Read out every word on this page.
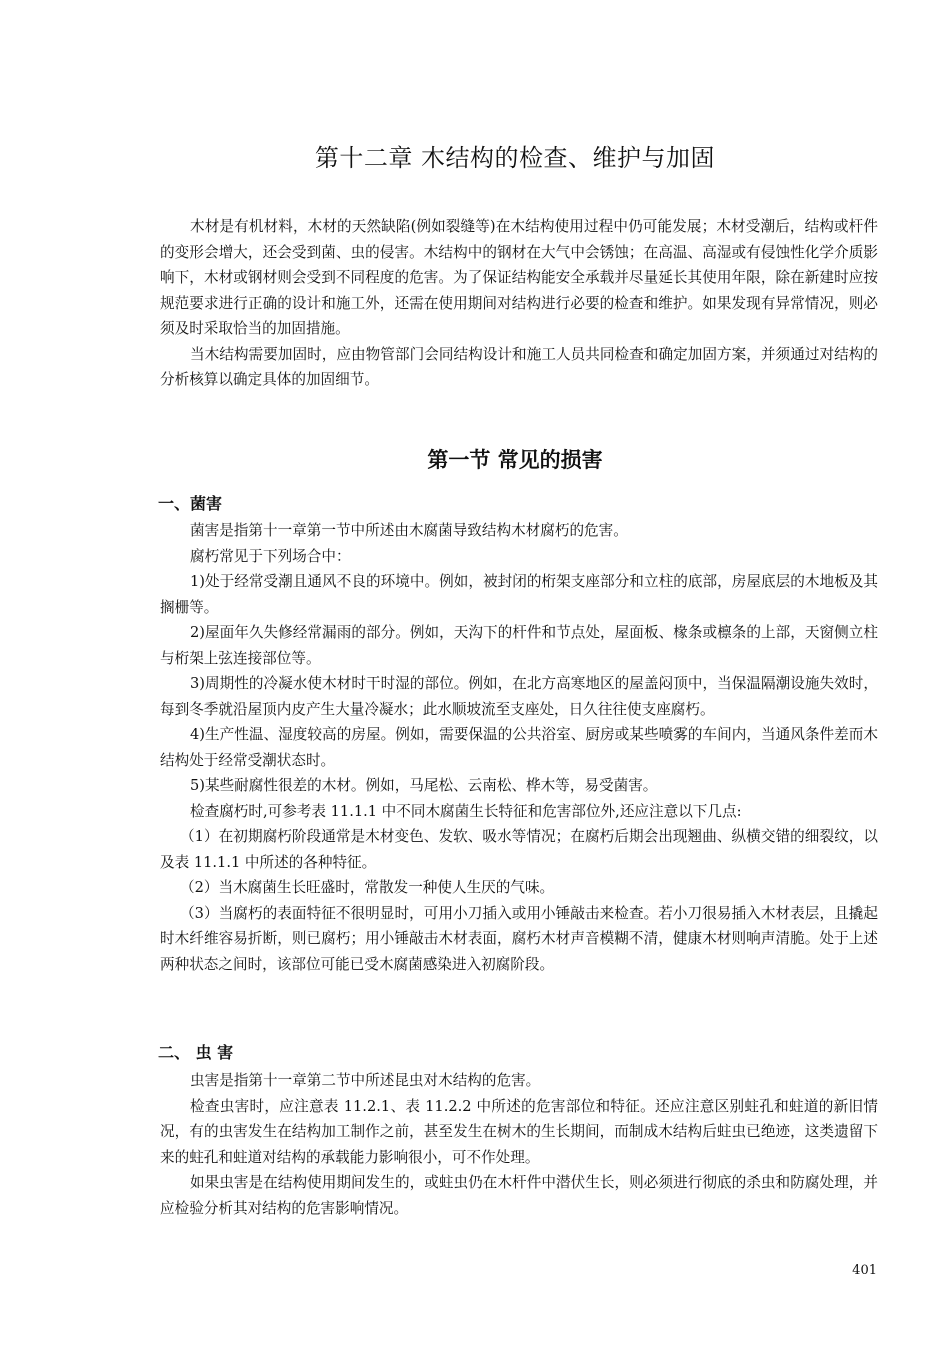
第十二章 木结构的检查、维护与加固

木材是有机材料，木材的天然缺陷(例如裂缝等)在木结构使用过程中仍可能发展；木材受潮后，结构或杆件的变形会增大，还会受到菌、虫的侵害。木结构中的钢材在大气中会锈蚀；在高温、高湿或有侵蚀性化学介质影响下，木材或钢材则会受到不同程度的危害。为了保证结构能安全承载并尽量延长其使用年限，除在新建时应按规范要求进行正确的设计和施工外，还需在使用期间对结构进行必要的检查和维护。如果发现有异常情况，则必须及时采取恰当的加固措施。

当木结构需要加固时，应由物管部门会同结构设计和施工人员共同检查和确定加固方案，并须通过对结构的分析核算以确定具体的加固细节。

第一节 常见的损害
一、菌害

菌害是指第十一章第一节中所述由木腐菌导致结构木材腐朽的危害。

腐朽常见于下列场合中：

1)处于经常受潮且通风不良的环境中。例如，被封闭的桁架支座部分和立柱的底部，房屋底层的木地板及其搁栅等。

2)屋面年久失修经常漏雨的部分。例如，天沟下的杆件和节点处，屋面板、椽条或檩条的上部，天窗侧立柱与桁架上弦连接部位等。

3)周期性的冷凝水使木材时干时湿的部位。例如，在北方高寒地区的屋盖闷顶中，当保温隔潮设施失效时，每到冬季就沿屋顶内皮产生大量冷凝水；此水顺坡流至支座处，日久往往使支座腐朽。

4)生产性温、湿度较高的房屋。例如，需要保温的公共浴室、厨房或某些喷雾的车间内，当通风条件差而木结构处于经常受潮状态时。

5)某些耐腐性很差的木材。例如，马尾松、云南松、桦木等，易受菌害。

检查腐朽时,可参考表 11.1.1 中不同木腐菌生长特征和危害部位外,还应注意以下几点:

（1）在初期腐朽阶段通常是木材变色、发软、吸水等情况；在腐朽后期会出现翘曲、纵横交错的细裂纹，以及表 11.1.1 中所述的各种特征。

（2）当木腐菌生长旺盛时，常散发一种使人生厌的气味。

（3）当腐朽的表面特征不很明显时，可用小刀插入或用小锤敲击来检查。若小刀很易插入木材表层，且撬起时木纤维容易折断，则已腐朽；用小锤敲击木材表面，腐朽木材声音模糊不清，健康木材则响声清脆。处于上述两种状态之间时，该部位可能已受木腐菌感染进入初腐阶段。

二、 虫 害

虫害是指第十一章第二节中所述昆虫对木结构的危害。

检查虫害时，应注意表 11.2.1、表 11.2.2 中所述的危害部位和特征。还应注意区别蛀孔和蛀道的新旧情况，有的虫害发生在结构加工制作之前，甚至发生在树木的生长期间，而制成木结构后蛀虫已绝迹，这类遗留下来的蛀孔和蛀道对结构的承载能力影响很小，可不作处理。

如果虫害是在结构使用期间发生的，或蛀虫仍在木杆件中潜伏生长，则必须进行彻底的杀虫和防腐处理，并应检验分析其对结构的危害影响情况。

401
